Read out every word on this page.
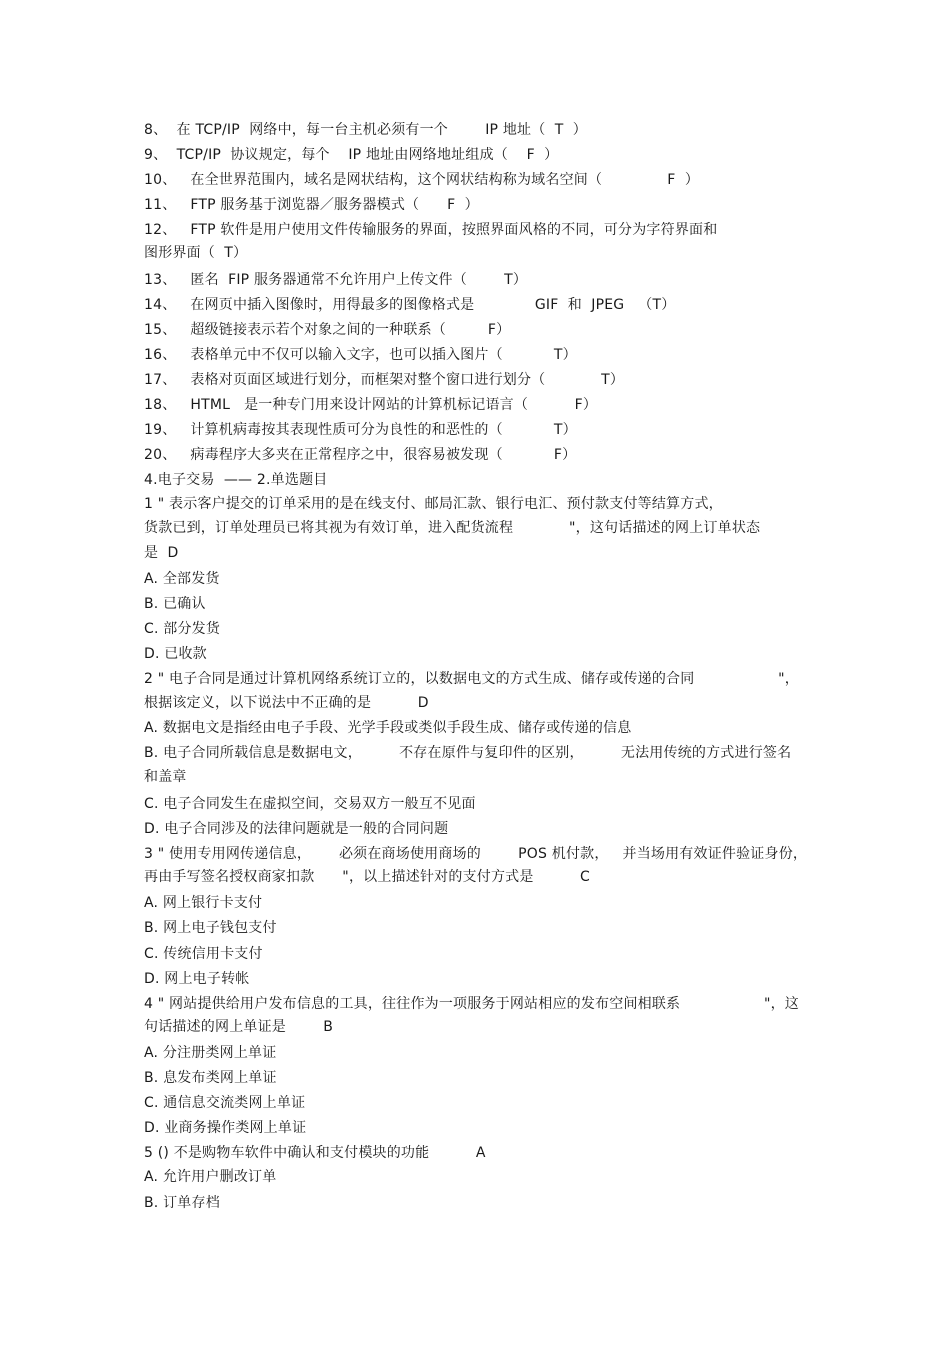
8、  在 TCP/IP  网络中，每一台主机必须有一个        IP 地址（  T  ）
9、  TCP/IP  协议规定，每个    IP 地址由网络地址组成（    F  ）
10、   在全世界范围内，域名是网状结构，这个网状结构称为域名空间（              F  ）
11、   FTP 服务基于浏览器／服务器模式（      F  ）
12、   FTP 软件是用户使用文件传输服务的界面，按照界面风格的不同，可分为字符界面和
图形界面（  T）
13、   匿名  FIP 服务器通常不允许用户上传文件（        T）
14、   在网页中插入图像时，用得最多的图像格式是             GIF  和  JPEG   （T）
15、   超级链接表示若个对象之间的一种联系（         F）
16、   表格单元中不仅可以输入文字，也可以插入图片（           T）
17、   表格对页面区域进行划分，而框架对整个窗口进行划分（            T）
18、   HTML   是一种专门用来设计网站的计算机标记语言（          F）
19、   计算机病毒按其表现性质可分为良性的和恶性的（           T）
20、   病毒程序大多夹在正常程序之中，很容易被发现（           F）
4.电子交易  —— 2.单选题目
1 " 表示客户提交的订单采用的是在线支付、邮局汇款、银行电汇、预付款支付等结算方式，
货款已到，订单处理员已将其视为有效订单，进入配货流程            "，这句话描述的网上订单状态
是  D
A. 全部发货
B. 已确认
C. 部分发货
D. 已收款
2 " 电子合同是通过计算机网络系统订立的，以数据电文的方式生成、储存或传递的合同                  "，
根据该定义，以下说法中不正确的是          D
A. 数据电文是指经由电子手段、光学手段或类似手段生成、储存或传递的信息
B. 电子合同所载信息是数据电文，        不存在原件与复印件的区别，        无法用传统的方式进行签名
和盖章
C. 电子合同发生在虚拟空间，交易双方一般互不见面
D. 电子合同涉及的法律问题就是一般的合同问题
3 " 使用专用网传递信息，      必须在商场使用商场的        POS 机付款，   并当场用有效证件验证身份，
再由手写签名授权商家扣款      "，以上描述针对的支付方式是          C
A. 网上银行卡支付
B. 网上电子钱包支付
C. 传统信用卡支付
D. 网上电子转帐
4 " 网站提供给用户发布信息的工具，往往作为一项服务于网站相应的发布空间相联系                  "，这
句话描述的网上单证是        B
A. 分注册类网上单证
B. 息发布类网上单证
C. 通信息交流类网上单证
D. 业商务操作类网上单证
5 () 不是购物车软件中确认和支付模块的功能          A
A. 允许用户删改订单
B. 订单存档
